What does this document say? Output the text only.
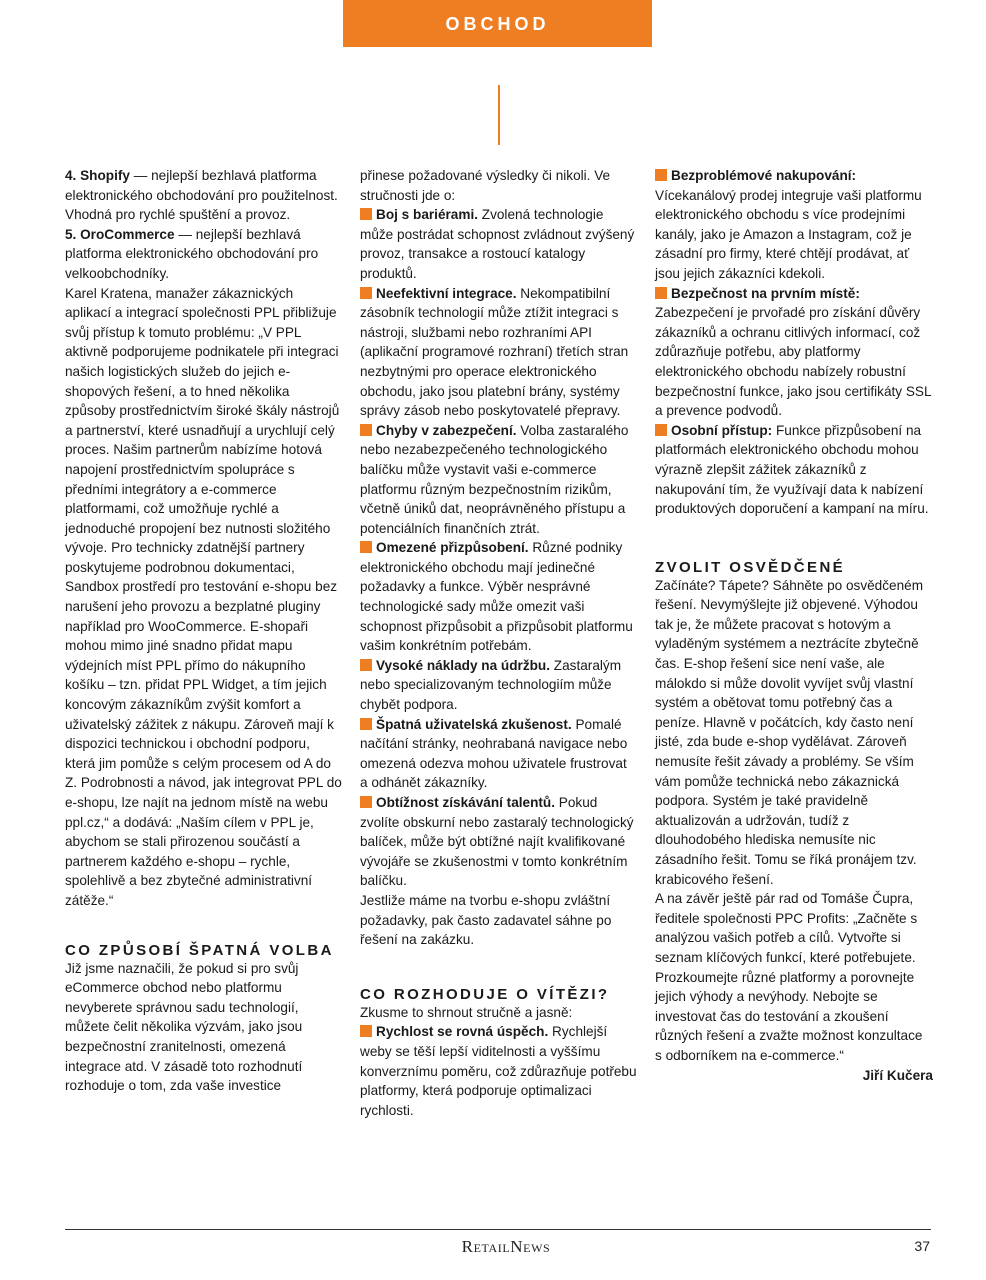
OBCHOD

4. Shopify — nejlepší bezhlavá platforma elektronického obchodování pro použitelnost. Vhodná pro rychlé spuštění a provoz.

5. OroCommerce — nejlepší bezhlavá platforma elektronického obchodování pro velkoobchodníky.

Karel Kratena, manažer zákaznických aplikací a integrací společnosti PPL přibližuje svůj přístup k tomuto problému: „V PPL aktivně podporujeme podnikatele při integraci našich logistických služeb do jejich e-shopových řešení, a to hned několika způsoby prostřednictvím široké škály nástrojů a partnerství, které usnadňují a urychlují celý proces. Našim partnerům nabízíme hotová napojení prostřednictvím spolupráce s předními integrátory a e-commerce platformami, což umožňuje rychlé a jednoduché propojení bez nutnosti složitého vývoje. Pro technicky zdatnější partnery poskytujeme podrobnou dokumentaci, Sandbox prostředí pro testování e-shopu bez narušení jeho provozu a bezplatné pluginy například pro WooCommerce. E-shopaři mohou mimo jiné snadno přidat mapu výdejních míst PPL přímo do nákupního košíku – tzn. přidat PPL Widget, a tím jejich koncovým zákazníkům zvýšit komfort a uživatelský zážitek z nákupu. Zároveň mají k dispozici technickou i obchodní podporu, která jim pomůže s celým procesem od A do Z. Podrobnosti a návod, jak integrovat PPL do e-shopu, lze najít na jednom místě na webu ppl.cz,“ a dodává: „Naším cílem v PPL je, abychom se stali přirozenou součástí a partnerem každého e-shopu – rychle, spolehlivě a bez zbytečné administrativní zátěže.“

CO ZPŮSOBÍ ŠPATNÁ VOLBA

Již jsme naznačili, že pokud si pro svůj eCommerce obchod nebo platformu nevyberete správnou sadu technologií, můžete čelit několika výzvám, jako jsou bezpečnostní zranitelnosti, omezená integrace atd. V zásadě toto rozhodnutí rozhoduje o tom, zda vaše investice

přinese požadované výsledky či nikoli. Ve stručnosti jde o:

Boj s bariérami. Zvolená technologie může postrádat schopnost zvládnout zvýšený provoz, transakce a rostoucí katalogy produktů.

Neefektivní integrace. Nekompatibilní zásobník technologií může ztížit integraci s nástroji, službami nebo rozhraními API (aplikační programové rozhraní) třetích stran nezbytnými pro operace elektronického obchodu, jako jsou platební brány, systémy správy zásob nebo poskytovatelé přepravy.

Chyby v zabezpečení. Volba zastaralého nebo nezabezpečeného technologického balíčku může vystavit vaši e-commerce platformu různým bezpečnostním rizikům, včetně úniků dat, neoprávněného přístupu a potenciálních finančních ztrát.

Omezené přizpůsobení. Různé podniky elektronického obchodu mají jedinečné požadavky a funkce. Výběr nesprávné technologické sady může omezit vaši schopnost přizpůsobit a přizpůsobit platformu vašim konkrétním potřebám.

Vysoké náklady na údržbu. Zastaralým nebo specializovaným technologiím může chybět podpora.

Špatná uživatelská zkušenost. Pomalé načítání stránky, neohrabaná navigace nebo omezená odezva mohou uživatele frustrovat a odhánět zákazníky.

Obtížnost získávání talentů. Pokud zvolíte obskurní nebo zastaralý technologický balíček, může být obtížné najít kvalifikované vývojáře se zkušenostmi v tomto konkrétním balíčku.

Jestliže máme na tvorbu e-shopu zvláštní požadavky, pak často zadavatel sáhne po řešení na zakázku.

CO ROZHODUJE O VÍTĚZI?

Zkusme to shrnout stručně a jasně:

Rychlost se rovná úspěch. Rychlejší weby se těší lepší viditelnosti a vyššímu konverznímu poměru, což zdůrazňuje potřebu platformy, která podporuje optimalizaci rychlosti.

Bezproblémové nakupování: Vícekanálový prodej integruje vaši platformu elektronického obchodu s více prodejními kanály, jako je Amazon a Instagram, což je zásadní pro firmy, které chtějí prodávat, ať jsou jejich zákazníci kdekoli.

Bezpečnost na prvním místě: Zabezpečení je prvořadé pro získání důvěry zákazníků a ochranu citlivých informací, což zdůrazňuje potřebu, aby platformy elektronického obchodu nabízely robustní bezpečnostní funkce, jako jsou certifikáty SSL a prevence podvodů.

Osobní přístup: Funkce přizpůsobení na platformách elektronického obchodu mohou výrazně zlepšit zážitek zákazníků z nakupování tím, že využívají data k nabízení produktových doporučení a kampaní na míru.

ZVOLIT OSVĚDČENÉ

Začínáte? Tápete? Sáhněte po osvědčeném řešení. Nevymýšlejte již objevené. Výhodou tak je, že můžete pracovat s hotovým a vyladěným systémem a neztrácíte zbytečně čas. E-shop řešení sice není vaše, ale málokdo si může dovolit vyvíjet svůj vlastní systém a obětovat tomu potřebný čas a peníze. Hlavně v počátcích, kdy často není jisté, zda bude e-shop vydělávat. Zároveň nemusíte řešit závady a problémy. Se vším vám pomůže technická nebo zákaznická podpora. Systém je také pravidelně aktualizován a udržován, tudíž z dlouhodobého hlediska nemusíte nic zásadního řešit. Tomu se říká pronájem tzv. krabicového řešení.

A na závěr ještě pár rad od Tomáše Čupra, ředitele společnosti PPC Profits: „Začněte s analýzou vašich potřeb a cílů. Vytvořte si seznam klíčových funkcí, které potřebujete. Prozkoumejte různé platformy a porovnejte jejich výhody a nevýhody. Nebojte se investovat čas do testování a zkoušení různých řešení a zvažte možnost konzultace s odborníkem na e-commerce.“

Jiří Kučera

RetailNews	37
